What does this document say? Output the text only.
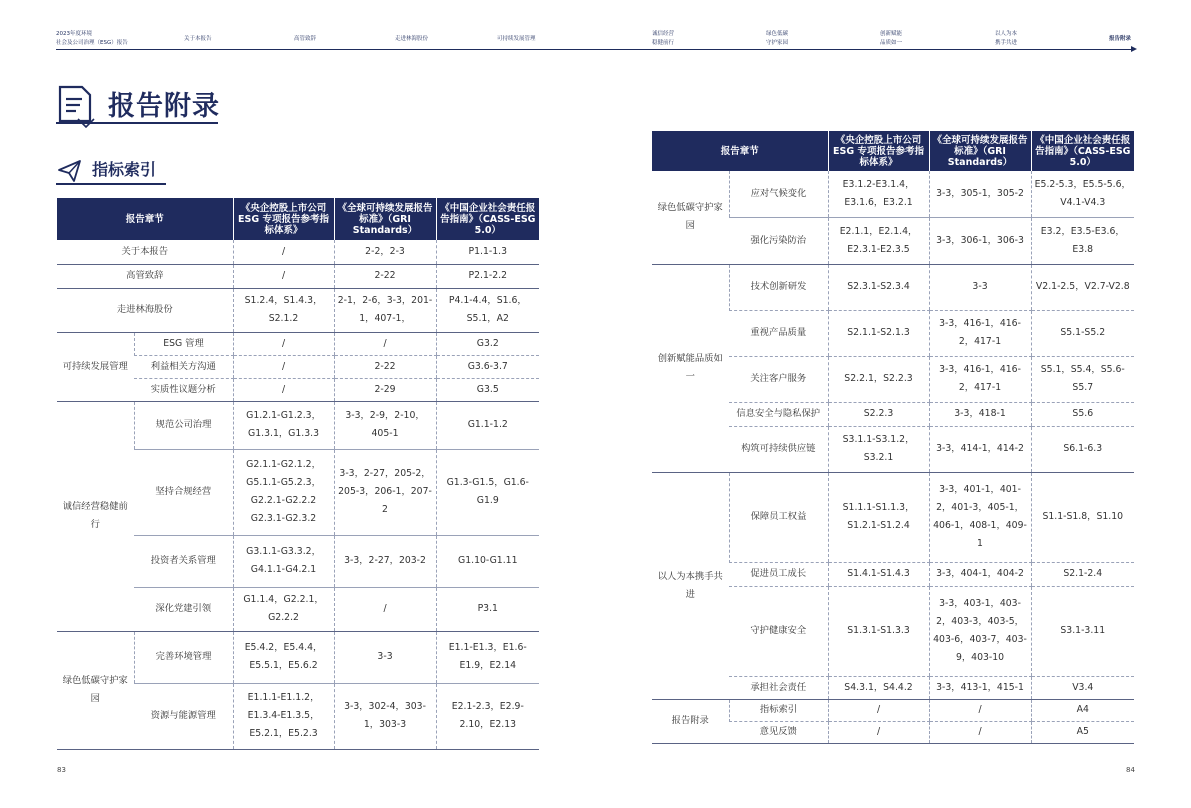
2023年度环境
社会及公司治理（ESG）报告
关于本报告	高管致辞	走进林海股份	可持续发展管理
诚信经营
稳健前行
绿色低碳
守护家园
创新赋能
品质如一
以人为本
携手共进
报告附录
报告附录
指标索引
报告章节		《央企控股上市公司ESG 专项报告参考指标体系》	《全球可持续发展报告标准》（GRI Standards）	《中国企业社会责任报告指南》（CASS-ESG 5.0）
关于本报告		/	2-2，2-3	P1.1-1.3
高管致辞		/	2-22	P2.1-2.2
走进林海股份		S1.2.4，S1.4.3，S2.1.2	2-1，2-6，3-3，201-1，407-1，	P4.1-4.4，S1.6，S5.1，A2
可持续发展管理	ESG 管理	/	/	G3.2
	利益相关方沟通	/	2-22	G3.6-3.7
	实质性议题分析	/	2-29	G3.5
诚信经营稳健前行	规范公司治理	G1.2.1-G1.2.3，G1.3.1，G1.3.3	3-3，2-9，2-10，405-1	G1.1-1.2
	坚持合规经营	G2.1.1-G2.1.2，G5.1.1-G5.2.3，G2.2.1-G2.2.2 G2.3.1-G2.3.2	3-3，2-27，205-2，205-3，206-1，207-2	G1.3-G1.5，G1.6-G1.9
	投资者关系管理	G3.1.1-G3.3.2，G4.1.1-G4.2.1	3-3，2-27，203-2	G1.10-G1.11
	深化党建引领	G1.1.4，G2.2.1，G2.2.2	/	P3.1
绿色低碳守护家园	完善环境管理	E5.4.2，E5.4.4，E5.5.1，E5.6.2	3-3	E1.1-E1.3，E1.6-E1.9，E2.14
	资源与能源管理	E1.1.1-E1.1.2，E1.3.4-E1.3.5，E5.2.1，E5.2.3	3-3，302-4，303-1，303-3	E2.1-2.3，E2.9-2.10，E2.13
报告章节		《央企控股上市公司ESG 专项报告参考指标体系》	《全球可持续发展报告标准》（GRI Standards）	《中国企业社会责任报告指南》（CASS-ESG 5.0）
绿色低碳守护家园	应对气候变化	E3.1.2-E3.1.4，E3.1.6，E3.2.1	3-3，305-1，305-2	E5.2-5.3，E5.5-5.6，V4.1-V4.3
	强化污染防治	E2.1.1，E2.1.4，E2.3.1-E2.3.5	3-3，306-1，306-3	E3.2，E3.5-E3.6，E3.8
创新赋能品质如一	技术创新研发	S2.3.1-S2.3.4	3-3	V2.1-2.5，V2.7-V2.8
	重视产品质量	S2.1.1-S2.1.3	3-3，416-1，416-2，417-1	S5.1-S5.2
	关注客户服务	S2.2.1，S2.2.3	3-3，416-1，416-2，417-1	S5.1，S5.4，S5.6-S5.7
	信息安全与隐私保护	S2.2.3	3-3，418-1	S5.6
	构筑可持续供应链	S3.1.1-S3.1.2，S3.2.1	3-3，414-1，414-2	S6.1-6.3
以人为本携手共进	保障员工权益	S1.1.1-S1.1.3，S1.2.1-S1.2.4	3-3，401-1，401-2，401-3，405-1，406-1，408-1，409-1	S1.1-S1.8，S1.10
	促进员工成长	S1.4.1-S1.4.3	3-3，404-1，404-2	S2.1-2.4
	守护健康安全	S1.3.1-S1.3.3	3-3，403-1，403-2，403-3，403-5，403-6，403-7，403-9，403-10	S3.1-3.11
	承担社会责任	S4.3.1，S4.4.2	3-3，413-1，415-1	V3.4
报告附录	指标索引	/	/	A4
	意见反馈	/	/	A5
83	84
